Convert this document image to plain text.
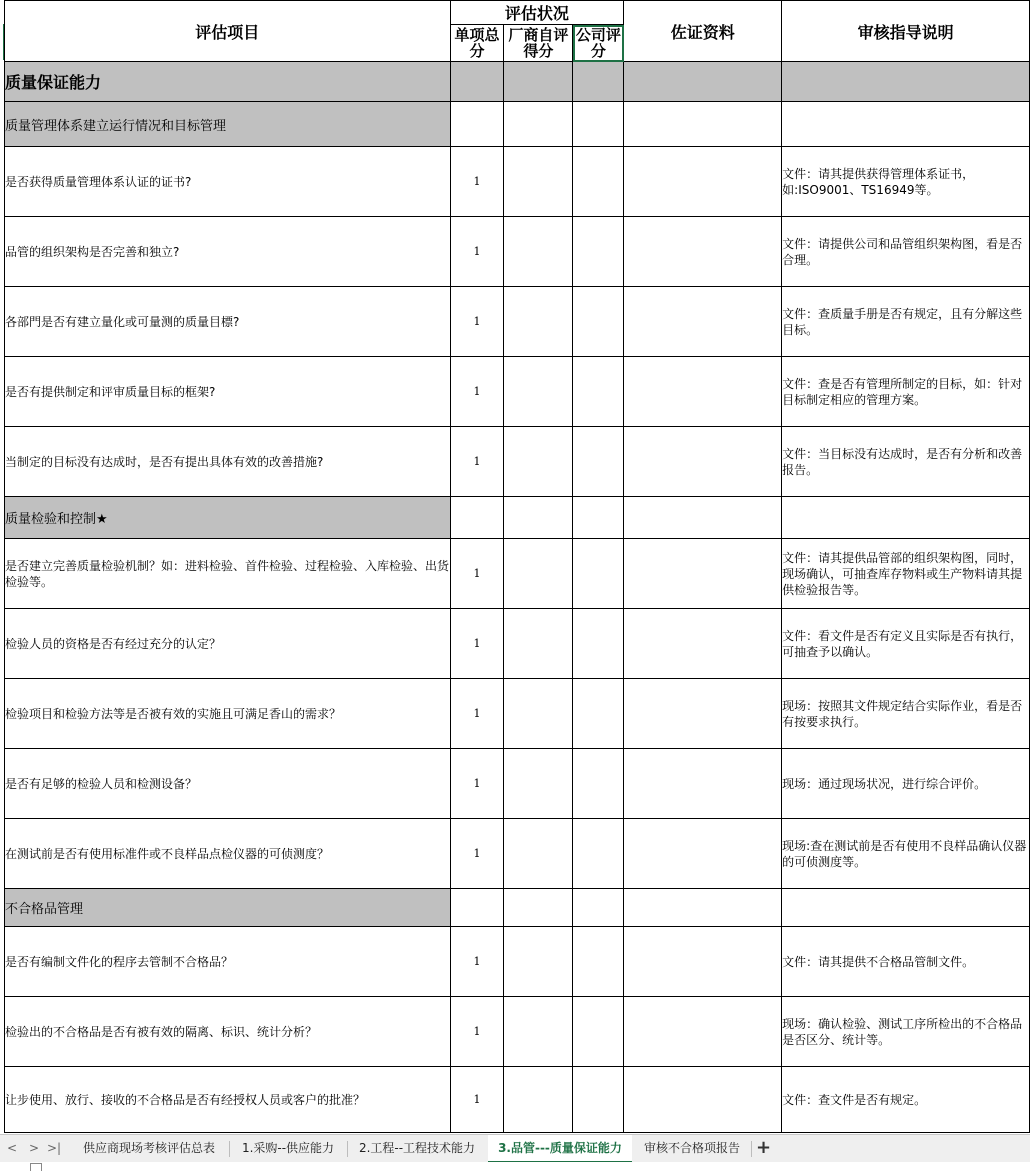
评估项目	评估状况			佐证资料	审核指导说明
	单项总分	厂商自评得分	公司评分		
质量保证能力					
质量管理体系建立运行情况和目标管理					
是否获得质量管理体系认证的证书?	1				文件：请其提供获得管理体系证书，
如:ISO9001、TS16949等。
品管的组织架构是否完善和独立?	1				文件：请提供公司和品管组织架构图，看是否合理。
各部門是否有建立量化或可量测的质量目標?	1				文件：查质量手册是否有规定，且有分解这些目标。
是否有提供制定和评审质量目标的框架?	1				文件：查是否有管理所制定的目标，如：针对目标制定相应的管理方案。
当制定的目标没有达成时，是否有提出具体有效的改善措施?	1				文件：当目标没有达成时，是否有分析和改善报告。
质量检验和控制★					
是否建立完善质量检验机制？如：进料检验、首件检验、过程检验、入库检验、出货检验等。	1				文件：请其提供品管部的组织架构图，同时，现场确认，可抽查库存物料或生产物料请其提供检验报告等。
检验人员的资格是否有经过充分的认定？	1				文件：看文件是否有定义且实际是否有执行，可抽查予以确认。
检验项目和检验方法等是否被有效的实施且可满足香山的需求？	1				现场：按照其文件规定结合实际作业，看是否有按要求执行。
是否有足够的检验人员和检测设备？	1				现场：通过现场状况，进行综合评价。
在测试前是否有使用标准件或不良样品点检仪器的可侦测度？	1				现场:查在测试前是否有使用不良样品确认仪器的可侦测度等。
不合格品管理					
是否有编制文件化的程序去管制不合格品？	1				文件：请其提供不合格品管制文件。
检验出的不合格品是否有被有效的隔离、标识、统计分析？	1				现场：确认检验、测试工序所检出的不合格品是否区分、统计等。
让步使用、放行、接收的不合格品是否有经授权人员或客户的批准？	1				文件：查文件是否有规定。
< > >|	供应商现场考核评估总表	1.采购--供应能力	2.工程--工程技术能力	3.品管---质量保证能力	审核不合格项报告 +
